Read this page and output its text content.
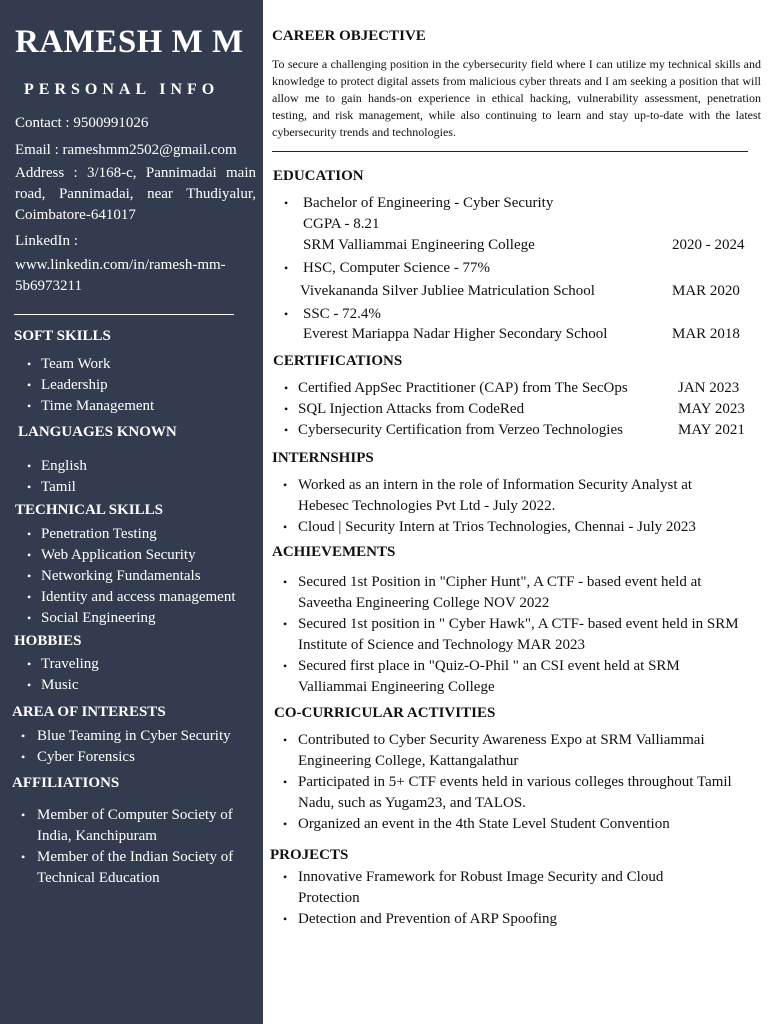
RAMESH M M
PERSONAL INFO
Contact : 9500991026
Email : rameshmm2502@gmail.com
Address : 3/168-c, Pannimadai main road, Pannimadai, near Thudiyalur, Coimbatore-641017
LinkedIn :
www.linkedin.com/in/ramesh-mm-5b6973211
SOFT SKILLS
• Team Work
• Leadership
• Time Management
LANGUAGES KNOWN
• English
• Tamil
TECHNICAL SKILLS
• Penetration Testing
• Web Application Security
• Networking Fundamentals
• Identity and access management
• Social Engineering
HOBBIES
• Traveling
• Music
AREA OF INTERESTS
• Blue Teaming in Cyber Security
• Cyber Forensics
AFFILIATIONS
• Member of Computer Society of India, Kanchipuram
• Member of the Indian Society of Technical Education
CAREER OBJECTIVE
To secure a challenging position in the cybersecurity field where I can utilize my technical skills and knowledge to protect digital assets from malicious cyber threats and I am seeking a position that will allow me to gain hands-on experience in ethical hacking, vulnerability assessment, penetration testing, and risk management, while also continuing to learn and stay up-to-date with the latest cybersecurity trends and technologies.
EDUCATION
• Bachelor of Engineering - Cyber Security
CGPA - 8.21
SRM Valliammai Engineering College	2020 - 2024
• HSC, Computer Science - 77%
Vivekananda Silver Jubliee Matriculation School	MAR 2020
• SSC - 72.4%
Everest Mariappa Nadar Higher Secondary School	MAR 2018
CERTIFICATIONS
• Certified AppSec Practitioner (CAP) from The SecOps	JAN 2023
• SQL Injection Attacks from CodeRed	MAY 2023
• Cybersecurity Certification from Verzeo Technologies	MAY 2021
INTERNSHIPS
• Worked as an intern in the role of Information Security Analyst at Hebesec Technologies Pvt Ltd - July 2022.
• Cloud | Security Intern at Trios Technologies, Chennai - July 2023
ACHIEVEMENTS
• Secured 1st Position in "Cipher Hunt", A CTF - based event held at Saveetha Engineering College NOV 2022
• Secured 1st position in " Cyber Hawk", A CTF- based event held in SRM Institute of Science and Technology MAR 2023
• Secured first place in "Quiz-O-Phil " an CSI event held at SRM Valliammai Engineering College
CO-CURRICULAR ACTIVITIES
• Contributed to Cyber Security Awareness Expo at SRM Valliammai Engineering College, Kattangalathur
• Participated in 5+ CTF events held in various colleges throughout Tamil Nadu, such as Yugam23, and TALOS.
• Organized an event in the 4th State Level Student Convention
PROJECTS
• Innovative Framework for Robust Image Security and Cloud Protection
• Detection and Prevention of ARP Spoofing
